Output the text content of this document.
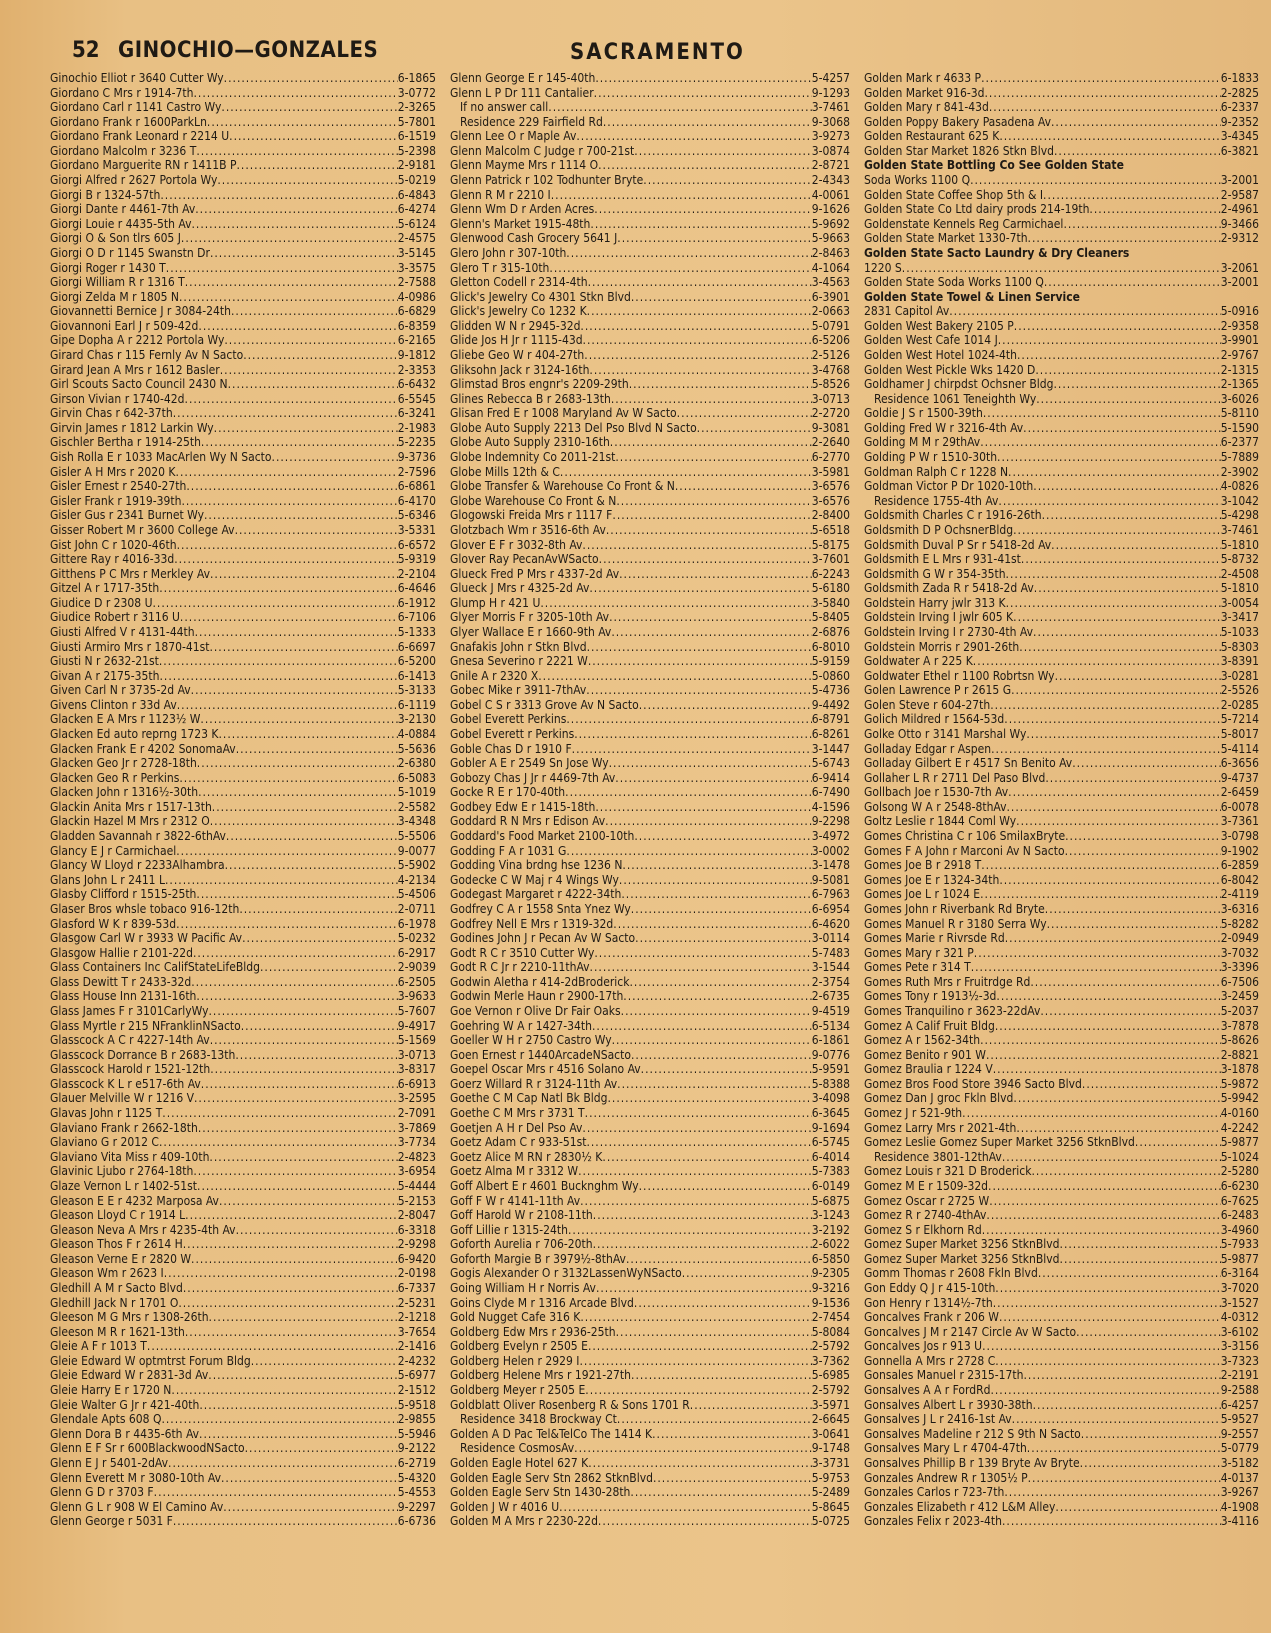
52 GINOCHIO—GONZALES	SACRAMENTO
Ginochio Elliot r 3640 Cutter Wy .....	6-1865
Giordano C Mrs r 1914-7th .....	3-0772
Giordano Carl r 1141 Castro Wy .....	2-3265
Giordano Frank r 1600ParkLn .....	5-7801
Giordano Frank Leonard r 2214 U .....	6-1519
Giordano Malcolm r 3236 T .....	5-2398
Giordano Marguerite RN r 1411B P .....	2-9181
Giorgi Alfred r 2627 Portola Wy .....	5-0219
Giorgi B r 1324-57th .....	6-4843
Giorgi Dante r 4461-7th Av .....	6-4274
Giorgi Louie r 4435-5th Av .....	5-6124
Giorgi O & Son tlrs 605 J .....	2-4575
Giorgi O D r 1145 Swanstn Dr .....	3-5145
Giorgi Roger r 1430 T .....	3-3575
Giorgi William R r 1316 T .....	2-7588
Giorgi Zelda M r 1805 N .....	4-0986
Giovannetti Bernice J r 3084-24th .....	6-6829
Giovannoni Earl J r 509-42d .....	6-8359
Gipe Dopha A r 2212 Portola Wy .....	6-2165
Girard Chas r 115 Fernly Av N Sacto .....	9-1812
Girard Jean A Mrs r 1612 Basler .....	2-3353
Girl Scouts Sacto Council 2430 N .....	6-6432
Girson Vivian r 1740-42d .....	6-5545
Girvin Chas r 642-37th .....	6-3241
Girvin James r 1812 Larkin Wy .....	2-1983
Gischler Bertha r 1914-25th .....	5-2235
Gish Rolla E r 1033 MacArlen Wy N Sacto .....	9-3736
Gisler A H Mrs r 2020 K .....	2-7596
Gisler Ernest r 2540-27th .....	6-6861
Gisler Frank r 1919-39th .....	6-4170
Gisler Gus r 2341 Burnet Wy .....	5-6346
Gisser Robert M r 3600 College Av .....	3-5331
Gist John C r 1020-46th .....	6-6572
Gittere Ray r 4016-33d .....	5-9319
Gitthens P C Mrs r Merkley Av .....	2-2104
Gitzel A r 1717-35th .....	6-4646
Giudice D r 2308 U .....	6-1912
Giudice Robert r 3116 U .....	6-7106
Giusti Alfred V r 4131-44th .....	5-1333
Giusti Armiro Mrs r 1870-41st .....	6-6697
Giusti N r 2632-21st .....	6-5200
Givan A r 2175-35th .....	6-1413
Given Carl N r 3735-2d Av .....	5-3133
Givens Clinton r 33d Av .....	6-1119
Glacken E A Mrs r 1123½ W .....	3-2130
Glacken Ed auto reprng 1723 K .....	4-0884
Glacken Frank E r 4202 SonomaAv .....	5-5636
Glacken Geo Jr r 2728-18th .....	2-6380
Glacken Geo R r Perkins .....	6-5083
Glacken John r 1316½-30th .....	5-1019
Glackin Anita Mrs r 1517-13th .....	2-5582
Glackin Hazel M Mrs r 2312 O .....	3-4348
Gladden Savannah r 3822-6thAv .....	5-5506
Glancy E J r Carmichael .....	9-0077
Glancy W Lloyd r 2233Alhambra .....	5-5902
Glans John L r 2411 L .....	4-2134
Glasby Clifford r 1515-25th .....	5-4506
Glaser Bros whsle tobaco 916-12th .....	2-0711
Glasford W K r 839-53d .....	6-1978
Glasgow Carl W r 3933 W Pacific Av .....	5-0232
Glasgow Hallie r 2101-22d .....	6-2917
Glass Containers Inc CalifStateLifeBldg .....	2-9039
Glass Dewitt T r 2433-32d .....	6-2505
Glass House Inn 2131-16th .....	3-9633
Glass James F r 3101CarlyWy .....	5-7607
Glass Myrtle r 215 NFranklinNSacto .....	9-4917
Glasscock A C r 4227-14th Av .....	5-1569
Glasscock Dorrance B r 2683-13th .....	3-0713
Glasscock Harold r 1521-12th .....	3-8317
Glasscock K L r e517-6th Av .....	6-6913
Glauer Melville W r 1216 V .....	3-2595
Glavas John r 1125 T .....	2-7091
Glaviano Frank r 2662-18th .....	3-7869
Glaviano G r 2012 C .....	3-7734
Glaviano Vita Miss r 409-10th .....	2-4823
Glavinic Ljubo r 2764-18th .....	3-6954
Glaze Vernon L r 1402-51st .....	5-4444
Gleason E E r 4232 Marposa Av .....	5-2153
Gleason Lloyd C r 1914 L .....	2-8047
Gleason Neva A Mrs r 4235-4th Av .....	6-3318
Gleason Thos F r 2614 H .....	2-9298
Gleason Verne E r 2820 W .....	6-9420
Gleason Wm r 2623 I .....	2-0198
Gledhill A M r Sacto Blvd .....	6-7337
Gledhill Jack N r 1701 O .....	2-5231
Gleeson M G Mrs r 1308-26th .....	2-1218
Gleeson M R r 1621-13th .....	3-7654
Gleie A F r 1013 T .....	2-1416
Gleie Edward W optmtrst Forum Bldg .....	2-4232
Gleie Edward W r 2831-3d Av .....	5-6977
Gleie Harry E r 1720 N .....	2-1512
Gleie Walter G Jr r 421-40th .....	5-9518
Glendale Apts 608 Q .....	2-9855
Glenn Dora B r 4435-6th Av .....	5-5946
Glenn E F Sr r 600BlackwoodNSacto .....	9-2122
Glenn E J r 5401-2dAv .....	6-2719
Glenn Everett M r 3080-10th Av .....	5-4320
Glenn G D r 3703 F .....	5-4553
Glenn G L r 908 W El Camino Av .....	9-2297
Glenn George r 5031 F .....	6-6736
Glenn George E r 145-40th .....	5-4257
Glenn L P Dr 111 Cantalier .....	9-1293
If no answer call .....	3-7461
Residence 229 Fairfield Rd .....	9-3068
Glenn Lee O r Maple Av .....	3-9273
Glenn Malcolm C Judge r 700-21st .....	3-0874
Glenn Mayme Mrs r 1114 O .....	2-8721
Glenn Patrick r 102 Todhunter Bryte .....	2-4343
Glenn R M r 2210 I .....	4-0061
Glenn Wm D r Arden Acres .....	9-1626
Glenn's Market 1915-48th .....	5-9692
Glenwood Cash Grocery 5641 J .....	5-9663
Glero John r 307-10th .....	2-8463
Glero T r 315-10th .....	4-1064
Gletton Codell r 2314-4th .....	3-4563
Glick's Jewelry Co 4301 Stkn Blvd .....	6-3901
Glick's Jewelry Co 1232 K .....	2-0663
Glidden W N r 2945-32d .....	5-0791
Glide Jos H Jr r 1115-43d .....	6-5206
Gliebe Geo W r 404-27th .....	2-5126
Gliksohn Jack r 3124-16th .....	3-4768
Glimstad Bros engnr's 2209-29th .....	5-8526
Glines Rebecca B r 2683-13th .....	3-0713
Glisan Fred E r 1008 Maryland Av W Sacto .....	2-2720
Globe Auto Supply 2213 Del Pso Blvd N Sacto .....	9-3081
Globe Auto Supply 2310-16th .....	2-2640
Globe Indemnity Co 2011-21st .....	6-2770
Globe Mills 12th & C .....	3-5981
Globe Transfer & Warehouse Co Front & N .....	3-6576
Globe Warehouse Co Front & N .....	3-6576
Glogowski Freida Mrs r 1117 F .....	2-8400
Glotzbach Wm r 3516-6th Av .....	5-6518
Glover E F r 3032-8th Av .....	5-8175
Glover Ray PecanAvWSacto .....	3-7601
Glueck Fred P Mrs r 4337-2d Av .....	6-2243
Glueck J Mrs r 4325-2d Av .....	5-6180
Glump H r 421 U .....	3-5840
Glyer Morris F r 3205-10th Av .....	5-8405
Glyer Wallace E r 1660-9th Av .....	2-6876
Gnafakis John r Stkn Blvd .....	6-8010
Gnesa Severino r 2221 W .....	5-9159
Gnile A r 2320 X .....	5-0860
Gobec Mike r 3911-7thAv .....	5-4736
Gobel C S r 3313 Grove Av N Sacto .....	9-4492
Gobel Everett Perkins .....	6-8791
Gobel Everett r Perkins .....	6-8261
Goble Chas D r 1910 F .....	3-1447
Gobler A E r 2549 Sn Jose Wy .....	5-6743
Gobozy Chas J Jr r 4469-7th Av .....	6-9414
Gocke R E r 170-40th .....	6-7490
Godbey Edw E r 1415-18th .....	4-1596
Goddard R N Mrs r Edison Av .....	9-2298
Goddard's Food Market 2100-10th .....	3-4972
Godding F A r 1031 G .....	3-0002
Godding Vina brdng hse 1236 N .....	3-1478
Godecke C W Maj r 4 Wings Wy .....	9-5081
Godegast Margaret r 4222-34th .....	6-7963
Godfrey C A r 1558 Snta Ynez Wy .....	6-6954
Godfrey Nell E Mrs r 1319-32d .....	6-4620
Godines John J r Pecan Av W Sacto .....	3-0114
Godt R C r 3510 Cutter Wy .....	5-7483
Godt R C Jr r 2210-11thAv .....	3-1544
Godwin Aletha r 414-2dBroderick .....	2-3754
Godwin Merle Haun r 2900-17th .....	2-6735
Goe Vernon r Olive Dr Fair Oaks .....	9-4519
Goehring W A r 1427-34th .....	6-5134
Goeller W H r 2750 Castro Wy .....	6-1861
Goen Ernest r 1440ArcadeNSacto .....	9-0776
Goepel Oscar Mrs r 4516 Solano Av .....	5-9591
Goerz Willard R r 3124-11th Av .....	5-8388
Goethe C M Cap Natl Bk Bldg .....	3-4098
Goethe C M Mrs r 3731 T .....	6-3645
Goetjen A H r Del Pso Av .....	9-1694
Goetz Adam C r 933-51st .....	6-5745
Goetz Alice M RN r 2830½ K .....	6-4014
Goetz Alma M r 3312 W .....	5-7383
Goff Albert E r 4601 Bucknghm Wy .....	6-0149
Goff F W r 4141-11th Av .....	5-6875
Goff Harold W r 2108-11th .....	3-1243
Goff Lillie r 1315-24th .....	3-2192
Goforth Aurelia r 706-20th .....	2-6022
Goforth Margie B r 3979½-8thAv .....	6-5850
Gogis Alexander O r 3132LassenWyNSacto .....	9-2305
Going William H r Norris Av .....	9-3216
Goins Clyde M r 1316 Arcade Blvd .....	9-1536
Gold Nugget Cafe 316 K .....	2-7454
Goldberg Edw Mrs r 2936-25th .....	5-8084
Goldberg Evelyn r 2505 E .....	2-5792
Goldberg Helen r 2929 I .....	3-7362
Goldberg Helene Mrs r 1921-27th .....	5-6985
Goldberg Meyer r 2505 E .....	2-5792
Goldblatt Oliver Rosenberg R & Sons 1701 R .....	3-5971
Residence 3418 Brockway Ct .....	2-6645
Golden A D Pac Tel&TelCo The 1414 K .....	3-0641
Residence CosmosAv .....	9-1748
Golden Eagle Hotel 627 K .....	3-3731
Golden Eagle Serv Stn 2862 StknBlvd .....	5-9753
Golden Eagle Serv Stn 1430-28th .....	5-2489
Golden J W r 4016 U .....	5-8645
Golden M A Mrs r 2230-22d .....	5-0725
Golden Mark r 4633 P .....	6-1833
Golden Market 916-3d .....	2-2825
Golden Mary r 841-43d .....	6-2337
Golden Poppy Bakery Pasadena Av .....	9-2352
Golden Restaurant 625 K .....	3-4345
Golden Star Market 1826 Stkn Blvd .....	6-3821
Golden State Bottling Co See Golden State
Soda Works 1100 Q .....	3-2001
Golden State Coffee Shop 5th & I .....	2-9587
Golden State Co Ltd dairy prods 214-19th .....	2-4961
Goldenstate Kennels Reg Carmichael .....	9-3466
Golden State Market 1330-7th .....	2-9312
Golden State Sacto Laundry & Dry Cleaners
1220 S .....	3-2061
Golden State Soda Works 1100 Q .....	3-2001
Golden State Towel & Linen Service
2831 Capitol Av .....	5-0916
Golden West Bakery 2105 P .....	2-9358
Golden West Cafe 1014 J .....	3-9901
Golden West Hotel 1024-4th .....	2-9767
Golden West Pickle Wks 1420 D .....	2-1315
Goldhamer J chirpdst Ochsner Bldg .....	2-1365
Residence 1061 Teneighth Wy .....	3-6026
Goldie J S r 1500-39th .....	5-8110
Golding Fred W r 3216-4th Av .....	5-1590
Golding M M r 29thAv .....	6-2377
Golding P W r 1510-30th .....	5-7889
Goldman Ralph C r 1228 N .....	2-3902
Goldman Victor P Dr 1020-10th .....	4-0826
Residence 1755-4th Av .....	3-1042
Goldsmith Charles C r 1916-26th .....	5-4298
Goldsmith D P OchsnerBldg .....	3-7461
Goldsmith Duval P Sr r 5418-2d Av .....	5-1810
Goldsmith E L Mrs r 931-41st .....	5-8732
Goldsmith G W r 354-35th .....	2-4508
Goldsmith Zada R r 5418-2d Av .....	5-1810
Goldstein Harry jwlr 313 K .....	3-0054
Goldstein Irving I jwlr 605 K .....	3-3417
Goldstein Irving I r 2730-4th Av .....	5-1033
Goldstein Morris r 2901-26th .....	5-8303
Goldwater A r 225 K .....	3-8391
Goldwater Ethel r 1100 Robrtsn Wy .....	3-0281
Golen Lawrence P r 2615 G .....	2-5526
Golen Steve r 604-27th .....	2-0285
Golich Mildred r 1564-53d .....	5-7214
Golke Otto r 3141 Marshal Wy .....	5-8017
Golladay Edgar r Aspen .....	5-4114
Golladay Gilbert E r 4517 Sn Benito Av .....	6-3656
Gollaher L R r 2711 Del Paso Blvd .....	9-4737
Gollbach Joe r 1530-7th Av .....	2-6459
Golsong W A r 2548-8thAv .....	6-0078
Goltz Leslie r 1844 Coml Wy .....	3-7361
Gomes Christina C r 106 SmilaxBryte .....	3-0798
Gomes F A John r Marconi Av N Sacto .....	9-1902
Gomes Joe B r 2918 T .....	6-2859
Gomes Joe E r 1324-34th .....	6-8042
Gomes Joe L r 1024 E .....	2-4119
Gomes John r Riverbank Rd Bryte .....	3-6316
Gomes Manuel R r 3180 Serra Wy .....	5-8282
Gomes Marie r Rivrsde Rd .....	2-0949
Gomes Mary r 321 P .....	3-7032
Gomes Pete r 314 T .....	3-3396
Gomes Ruth Mrs r Fruitrdge Rd .....	6-7506
Gomes Tony r 1913½-3d .....	3-2459
Gomes Tranquilino r 3623-22dAv .....	5-2037
Gomez A Calif Fruit Bldg .....	3-7878
Gomez A r 1562-34th .....	5-8626
Gomez Benito r 901 W .....	2-8821
Gomez Braulia r 1224 V .....	3-1878
Gomez Bros Food Store 3946 Sacto Blvd .....	5-9872
Gomez Dan J groc Fkln Blvd .....	5-9942
Gomez J r 521-9th .....	4-0160
Gomez Larry Mrs r 2021-4th .....	4-2242
Gomez Leslie Gomez Super Market 3256 StknBlvd .....	5-9877
Residence 3801-12thAv .....	5-1024
Gomez Louis r 321 D Broderick .....	2-5280
Gomez M E r 1509-32d .....	6-6230
Gomez Oscar r 2725 W .....	6-7625
Gomez R r 2740-4thAv .....	6-2483
Gomez S r Elkhorn Rd .....	3-4960
Gomez Super Market 3256 StknBlvd .....	5-7933
Gomez Super Market 3256 StknBlvd .....	5-9877
Gomm Thomas r 2608 Fkln Blvd .....	6-3164
Gon Eddy Q J r 415-10th .....	3-7020
Gon Henry r 1314½-7th .....	3-1527
Goncalves Frank r 206 W .....	4-0312
Goncalves J M r 2147 Circle Av W Sacto .....	3-6102
Goncalves Jos r 913 U .....	3-3156
Gonnella A Mrs r 2728 C .....	3-7323
Gonsales Manuel r 2315-17th .....	2-2191
Gonsalves A A r FordRd .....	9-2588
Gonsalves Albert L r 3930-38th .....	6-4257
Gonsalves J L r 2416-1st Av .....	5-9527
Gonsalves Madeline r 212 S 9th N Sacto .....	9-2557
Gonsalves Mary L r 4704-47th .....	5-0779
Gonsalves Phillip B r 139 Bryte Av Bryte .....	3-5182
Gonzales Andrew R r 1305½ P .....	4-0137
Gonzales Carlos r 723-7th .....	3-9267
Gonzales Elizabeth r 412 L&M Alley .....	4-1908
Gonzales Felix r 2023-4th .....	3-4116
